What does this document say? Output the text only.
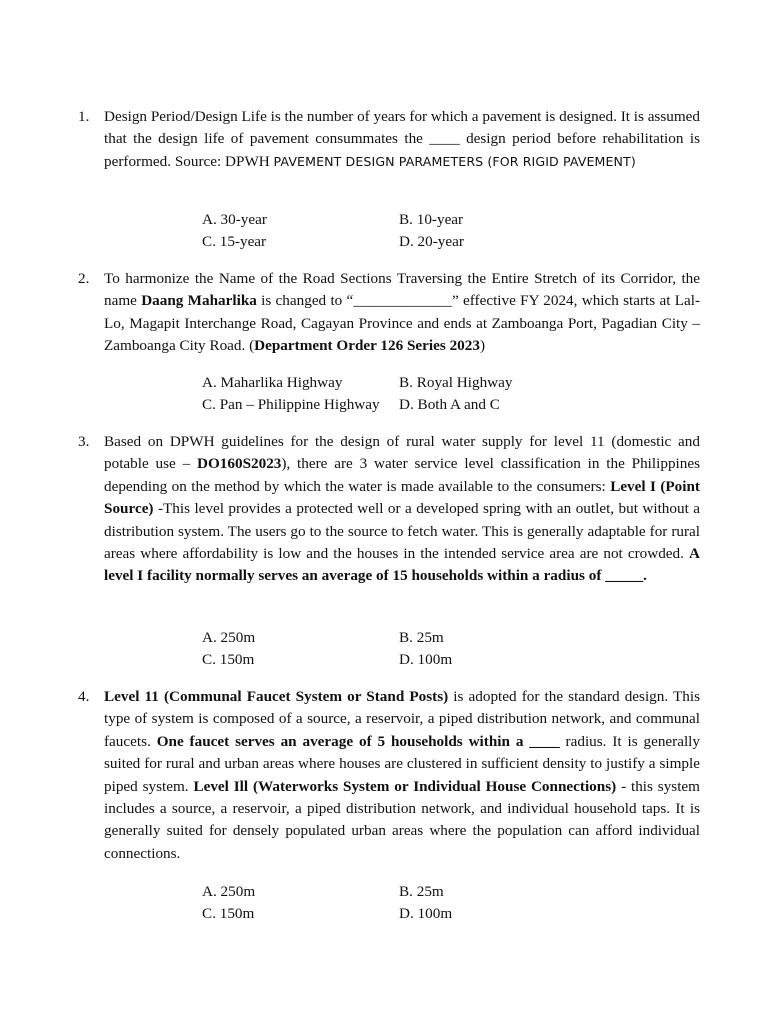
1. Design Period/Design Life is the number of years for which a pavement is designed. It is assumed that the design life of pavement consummates the ____ design period before rehabilitation is performed. Source: DPWH PAVEMENT DESIGN PARAMETERS (FOR RIGID PAVEMENT)
A. 30-year	B. 10-year
C. 15-year	D. 20-year
2. To harmonize the Name of the Road Sections Traversing the Entire Stretch of its Corridor, the name Daang Maharlika is changed to “_____________” effective FY 2024, which starts at Lal-Lo, Magapit Interchange Road, Cagayan Province and ends at Zamboanga Port, Pagadian City – Zamboanga City Road. (Department Order 126 Series 2023)
A. Maharlika Highway	B. Royal Highway
C. Pan – Philippine Highway D. Both A and C
3. Based on DPWH guidelines for the design of rural water supply for level 11 (domestic and potable use – DO160S2023), there are 3 water service level classification in the Philippines depending on the method by which the water is made available to the consumers: Level I (Point Source) -This level provides a protected well or a developed spring with an outlet, but without a distribution system. The users go to the source to fetch water. This is generally adaptable for rural areas where affordability is low and the houses in the intended service area are not crowded. A level I facility normally serves an average of 15 households within a radius of _____.
A. 250m	B. 25m
C. 150m	D. 100m
4. Level 11 (Communal Faucet System or Stand Posts) is adopted for the standard design. This type of system is composed of a source, a reservoir, a piped distribution network, and communal faucets. One faucet serves an average of 5 households within a ____ radius. It is generally suited for rural and urban areas where houses are clustered in sufficient density to justify a simple piped system. Level Ill (Waterworks System or Individual House Connections) - this system includes a source, a reservoir, a piped distribution network, and individual household taps. It is generally suited for densely populated urban areas where the population can afford individual connections.
A. 250m	B. 25m
C. 150m	D. 100m
